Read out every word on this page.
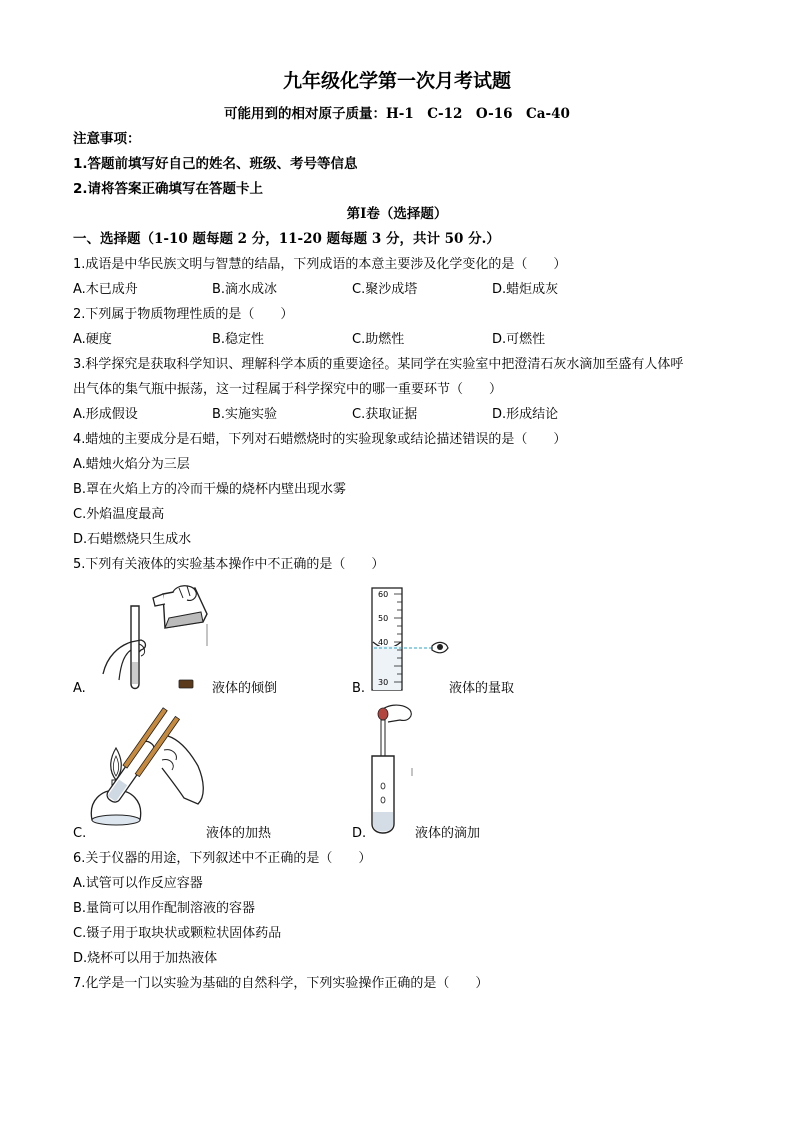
九年级化学第一次月考试题
可能用到的相对原子质量：H-1　C-12　O-16　Ca-40
注意事项：
1.答题前填写好自己的姓名、班级、考号等信息
2.请将答案正确填写在答题卡上
第Ⅰ卷（选择题）
一、选择题（1-10 题每题 2 分，11-20 题每题 3 分，共计 50 分.）
1.成语是中华民族文明与智慧的结晶，下列成语的本意主要涉及化学变化的是（　　）
A.木已成舟	B.滴水成冰	C.聚沙成塔	D.蜡炬成灰
2.下列属于物质物理性质的是（　　）
A.硬度	B.稳定性	C.助燃性	D.可燃性
3.科学探究是获取科学知识、理解科学本质的重要途径。某同学在实验室中把澄清石灰水滴加至盛有人体呼
出气体的集气瓶中振荡，这一过程属于科学探究中的哪一重要环节（　　）
A.形成假设	B.实施实验	C.获取证据	D.形成结论
4.蜡烛的主要成分是石蜡，下列对石蜡燃烧时的实验现象或结论描述错误的是（　　）
A.蜡烛火焰分为三层
B.罩在火焰上方的冷而干燥的烧杯内壁出现水雾
C.外焰温度最高
D.石蜡燃烧只生成水
5.下列有关液体的实验基本操作中不正确的是（　　）
A.	液体的倾倒
60
50
40
30
B.	液体的量取
C.	液体的加热	D.	液体的滴加
6.关于仪器的用途，下列叙述中不正确的是（　　）
A.试管可以作反应容器
B.量筒可以用作配制溶液的容器
C.镊子用于取块状或颗粒状固体药品
D.烧杯可以用于加热液体
7.化学是一门以实验为基础的自然科学，下列实验操作正确的是（　　）
